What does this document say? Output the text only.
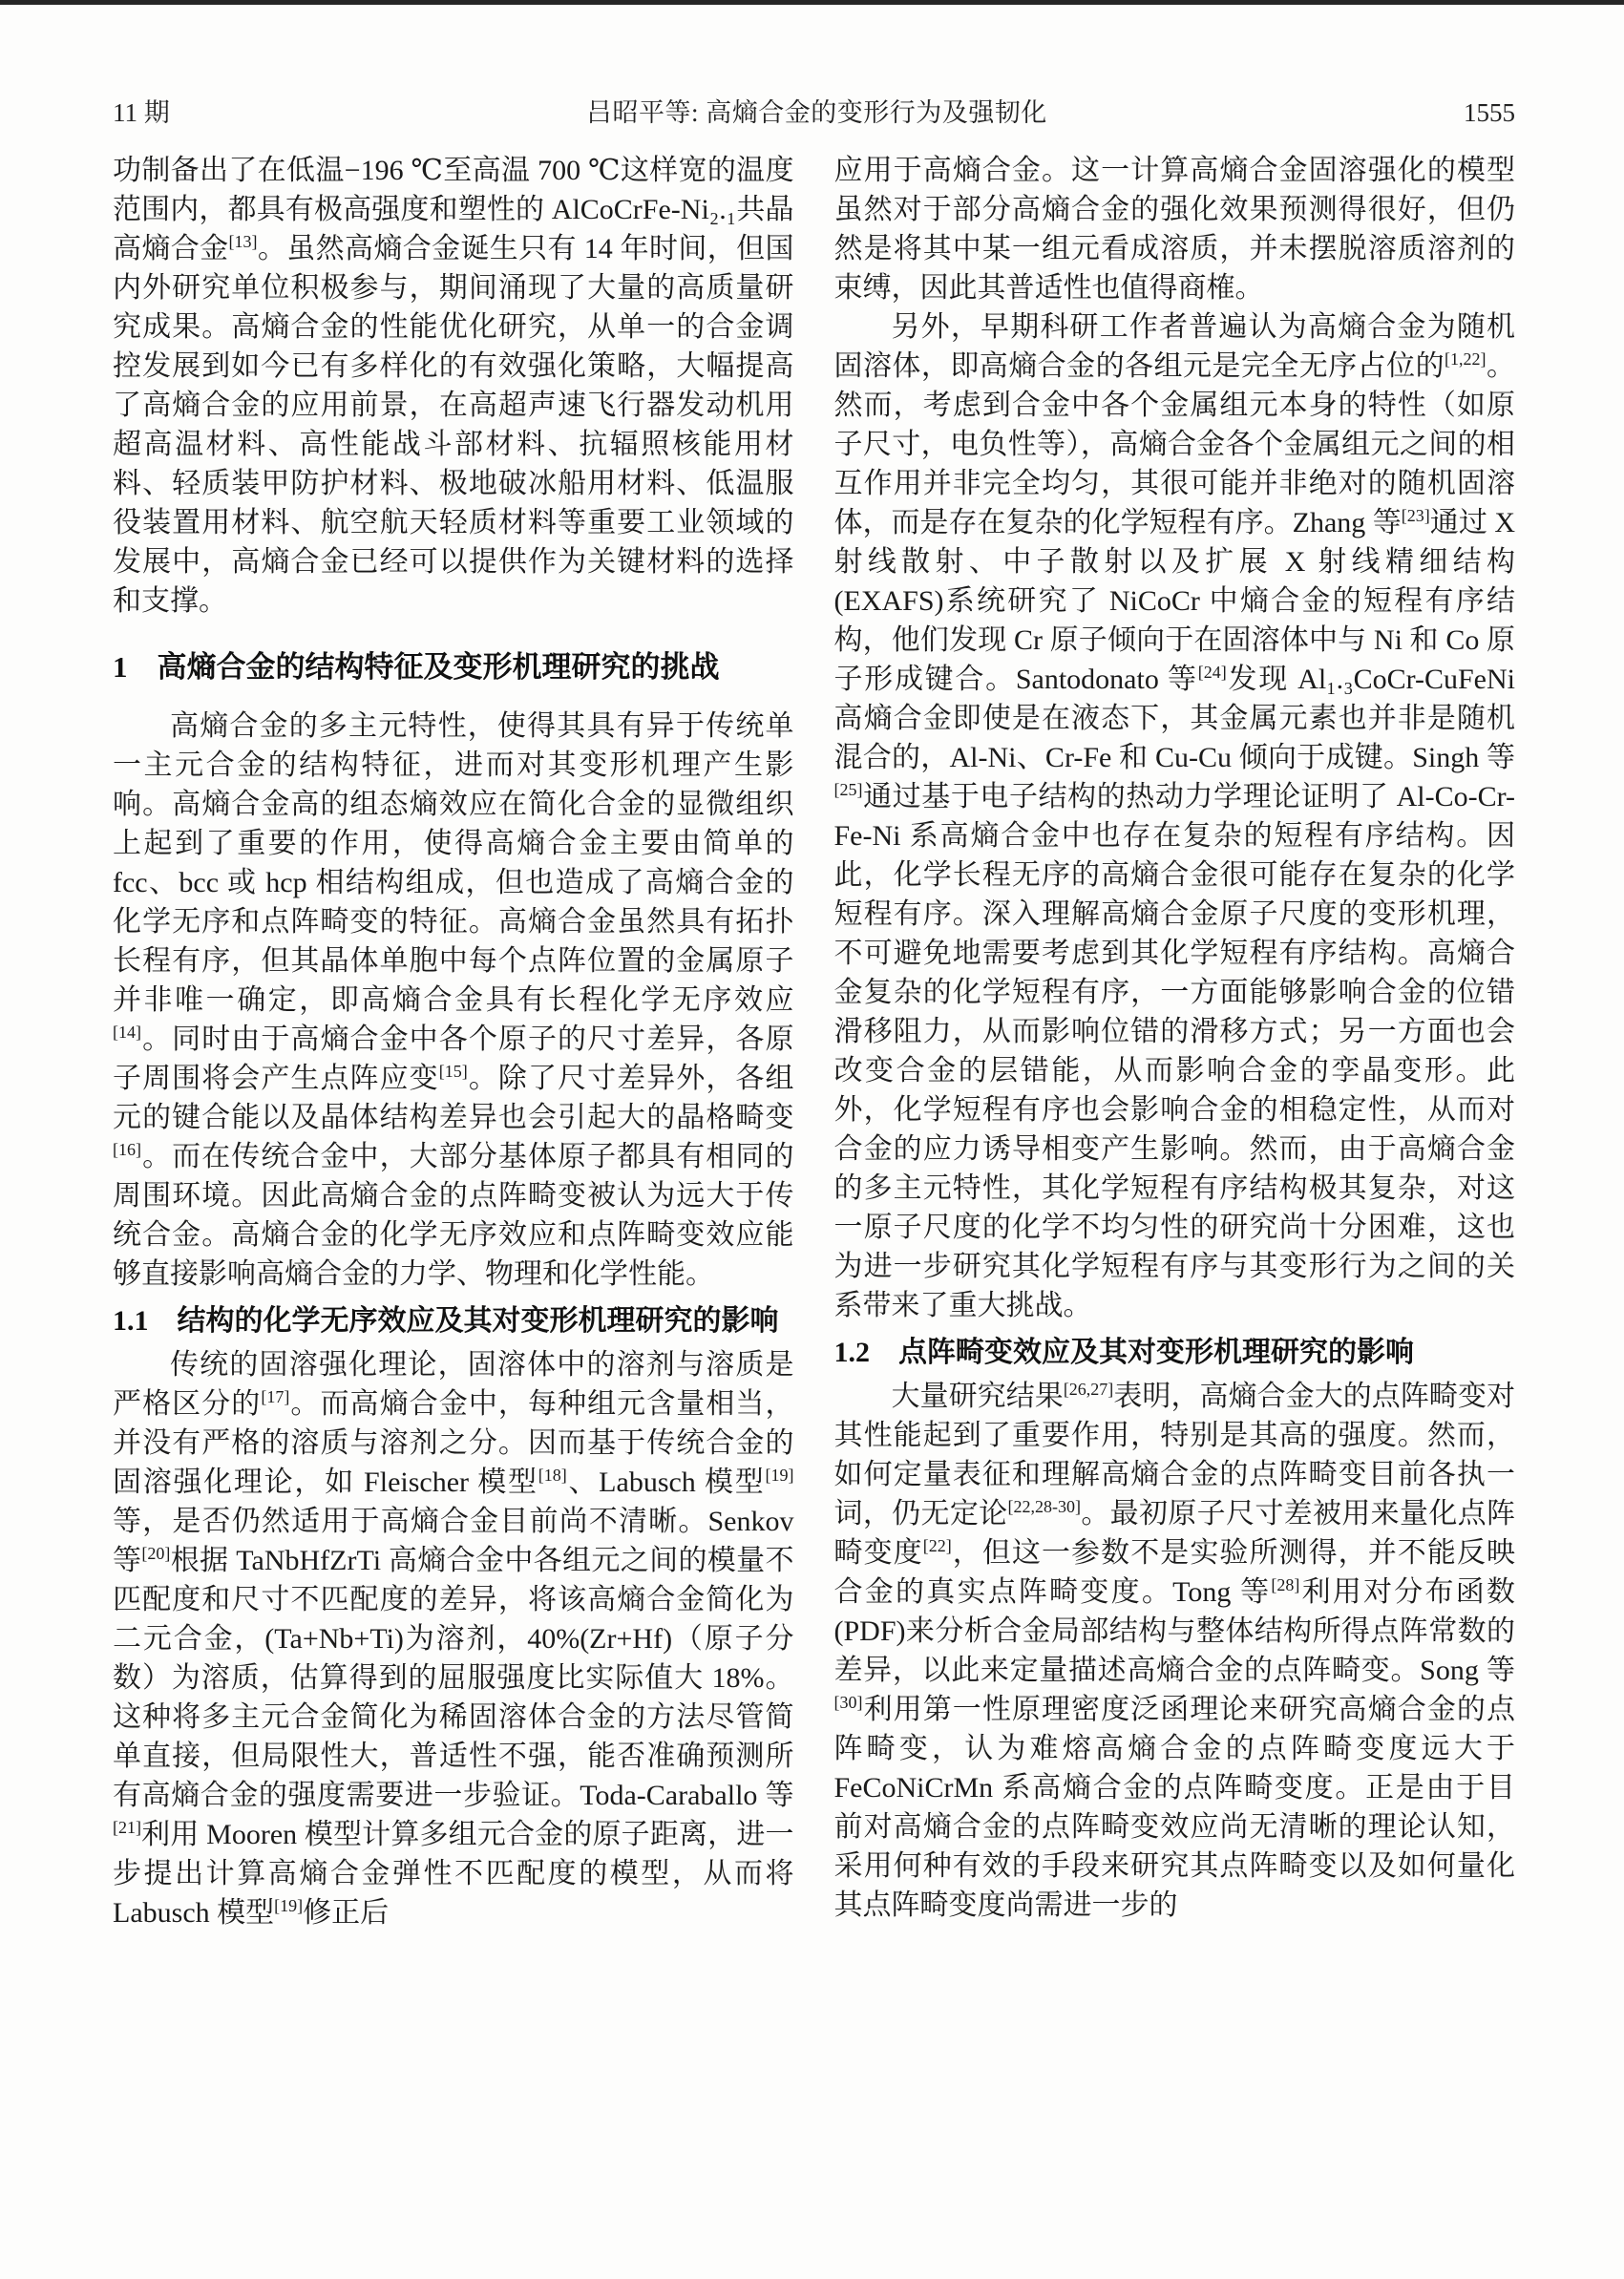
11 期	吕昭平等: 高熵合金的变形行为及强韧化	1555

功制备出了在低温−196 ℃至高温 700 ℃这样宽的温度范围内，都具有极高强度和塑性的 AlCoCrFe-Ni₂.₁共晶高熵合金[13]。虽然高熵合金诞生只有 14 年时间，但国内外研究单位积极参与，期间涌现了大量的高质量研究成果。高熵合金的性能优化研究，从单一的合金调控发展到如今已有多样化的有效强化策略，大幅提高了高熵合金的应用前景，在高超声速飞行器发动机用超高温材料、高性能战斗部材料、抗辐照核能用材料、轻质装甲防护材料、极地破冰船用材料、低温服役装置用材料、航空航天轻质材料等重要工业领域的发展中，高熵合金已经可以提供作为关键材料的选择和支撑。

1　高熵合金的结构特征及变形机理研究的挑战

高熵合金的多主元特性，使得其具有异于传统单一主元合金的结构特征，进而对其变形机理产生影响。高熵合金高的组态熵效应在简化合金的显微组织上起到了重要的作用，使得高熵合金主要由简单的 fcc、bcc 或 hcp 相结构组成，但也造成了高熵合金的化学无序和点阵畸变的特征。高熵合金虽然具有拓扑长程有序，但其晶体单胞中每个点阵位置的金属原子并非唯一确定，即高熵合金具有长程化学无序效应[14]。同时由于高熵合金中各个原子的尺寸差异，各原子周围将会产生点阵应变[15]。除了尺寸差异外，各组元的键合能以及晶体结构差异也会引起大的晶格畸变[16]。而在传统合金中，大部分基体原子都具有相同的周围环境。因此高熵合金的点阵畸变被认为远大于传统合金。高熵合金的化学无序效应和点阵畸变效应能够直接影响高熵合金的力学、物理和化学性能。

1.1　结构的化学无序效应及其对变形机理研究的影响

传统的固溶强化理论，固溶体中的溶剂与溶质是严格区分的[17]。而高熵合金中，每种组元含量相当，并没有严格的溶质与溶剂之分。因而基于传统合金的固溶强化理论，如 Fleischer 模型[18]、Labusch 模型[19]等，是否仍然适用于高熵合金目前尚不清晰。Senkov 等[20]根据 TaNbHfZrTi 高熵合金中各组元之间的模量不匹配度和尺寸不匹配度的差异，将该高熵合金简化为二元合金，(Ta+Nb+Ti)为溶剂，40%(Zr+Hf)（原子分数）为溶质，估算得到的屈服强度比实际值大 18%。这种将多主元合金简化为稀固溶体合金的方法尽管简单直接，但局限性大，普适性不强，能否准确预测所有高熵合金的强度需要进一步验证。Toda-Caraballo 等[21]利用 Mooren 模型计算多组元合金的原子距离，进一步提出计算高熵合金弹性不匹配度的模型，从而将 Labusch 模型[19]修正后

应用于高熵合金。这一计算高熵合金固溶强化的模型虽然对于部分高熵合金的强化效果预测得很好，但仍然是将其中某一组元看成溶质，并未摆脱溶质溶剂的束缚，因此其普适性也值得商榷。

另外，早期科研工作者普遍认为高熵合金为随机固溶体，即高熵合金的各组元是完全无序占位的[1,22]。然而，考虑到合金中各个金属组元本身的特性（如原子尺寸，电负性等），高熵合金各个金属组元之间的相互作用并非完全均匀，其很可能并非绝对的随机固溶体，而是存在复杂的化学短程有序。Zhang 等[23]通过 X 射线散射、中子散射以及扩展 X 射线精细结构(EXAFS)系统研究了 NiCoCr 中熵合金的短程有序结构，他们发现 Cr 原子倾向于在固溶体中与 Ni 和 Co 原子形成键合。Santodonato 等[24]发现 Al₁.₃CoCr-CuFeNi 高熵合金即使是在液态下，其金属元素也并非是随机混合的，Al-Ni、Cr-Fe 和 Cu-Cu 倾向于成键。Singh 等[25]通过基于电子结构的热动力学理论证明了 Al-Co-Cr-Fe-Ni 系高熵合金中也存在复杂的短程有序结构。因此，化学长程无序的高熵合金很可能存在复杂的化学短程有序。深入理解高熵合金原子尺度的变形机理，不可避免地需要考虑到其化学短程有序结构。高熵合金复杂的化学短程有序，一方面能够影响合金的位错滑移阻力，从而影响位错的滑移方式；另一方面也会改变合金的层错能，从而影响合金的孪晶变形。此外，化学短程有序也会影响合金的相稳定性，从而对合金的应力诱导相变产生影响。然而，由于高熵合金的多主元特性，其化学短程有序结构极其复杂，对这一原子尺度的化学不均匀性的研究尚十分困难，这也为进一步研究其化学短程有序与其变形行为之间的关系带来了重大挑战。

1.2　点阵畸变效应及其对变形机理研究的影响

大量研究结果[26,27]表明，高熵合金大的点阵畸变对其性能起到了重要作用，特别是其高的强度。然而，如何定量表征和理解高熵合金的点阵畸变目前各执一词，仍无定论[22,28-30]。最初原子尺寸差被用来量化点阵畸变度[22]，但这一参数不是实验所测得，并不能反映合金的真实点阵畸变度。Tong 等[28]利用对分布函数(PDF)来分析合金局部结构与整体结构所得点阵常数的差异，以此来定量描述高熵合金的点阵畸变。Song 等[30]利用第一性原理密度泛函理论来研究高熵合金的点阵畸变，认为难熔高熵合金的点阵畸变度远大于 FeCoNiCrMn 系高熵合金的点阵畸变度。正是由于目前对高熵合金的点阵畸变效应尚无清晰的理论认知，采用何种有效的手段来研究其点阵畸变以及如何量化其点阵畸变度尚需进一步的
